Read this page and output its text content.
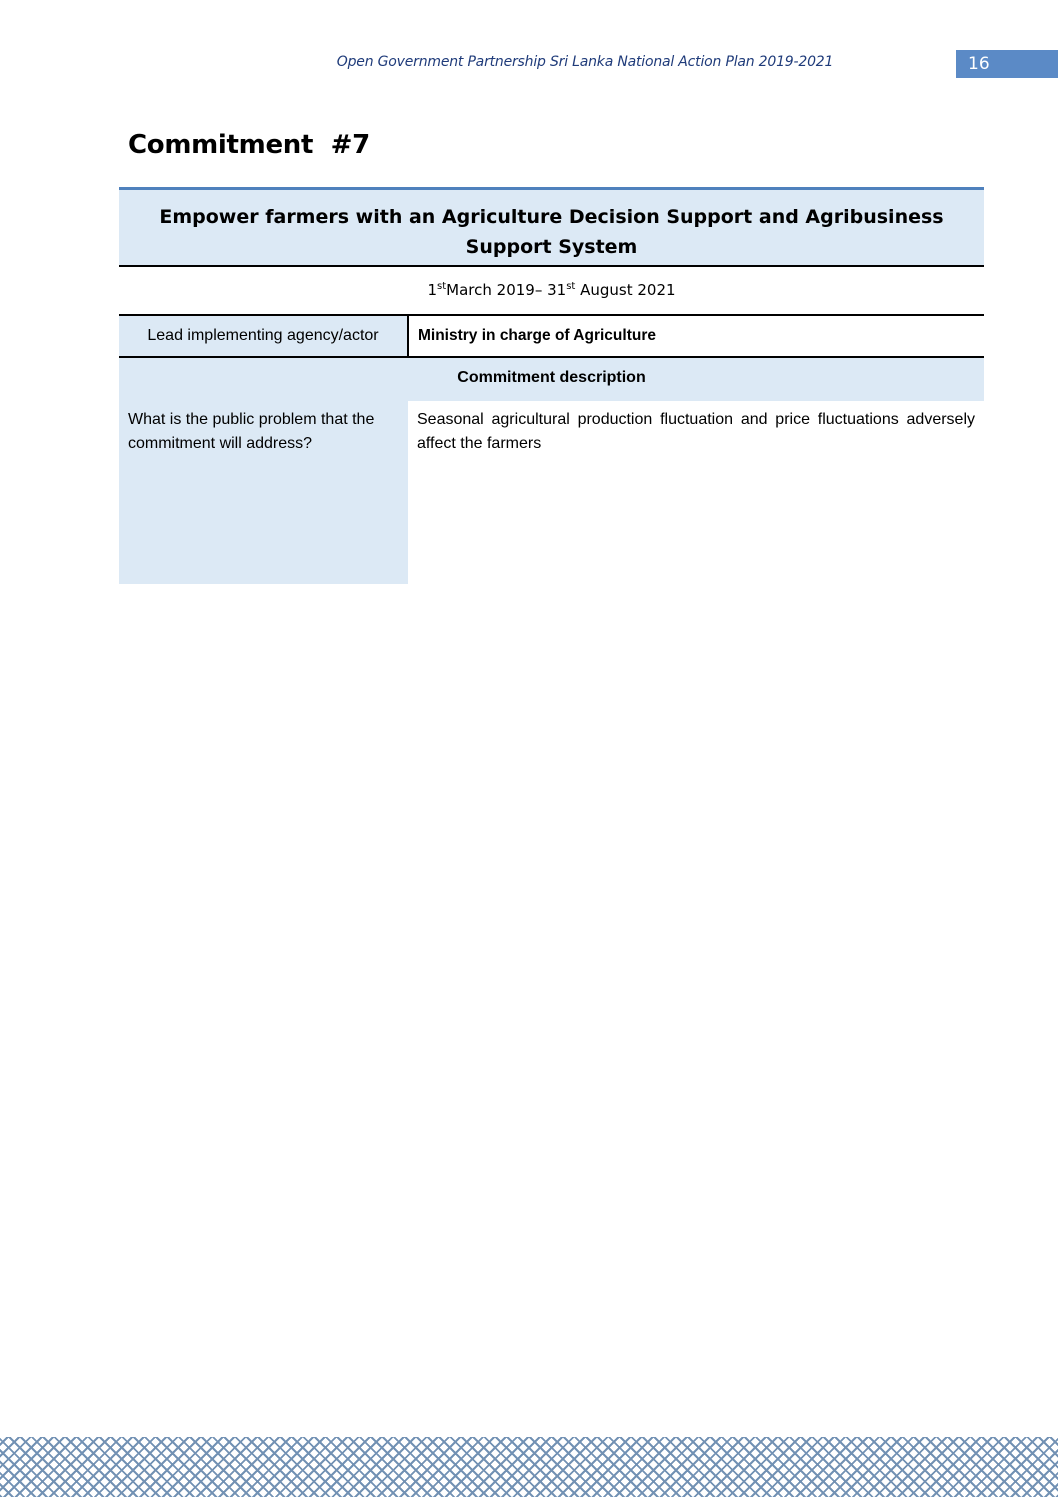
Open Government Partnership Sri Lanka National Action Plan 2019-2021	16
Commitment  #7
Empower farmers with an Agriculture Decision Support and Agribusiness Support System
1stMarch 2019– 31st August 2021
Lead implementing agency/actor	Ministry in charge of Agriculture
Commitment description
What is the public problem that the commitment will address?
Seasonal agricultural production fluctuation and price fluctuations adversely affect the farmers
